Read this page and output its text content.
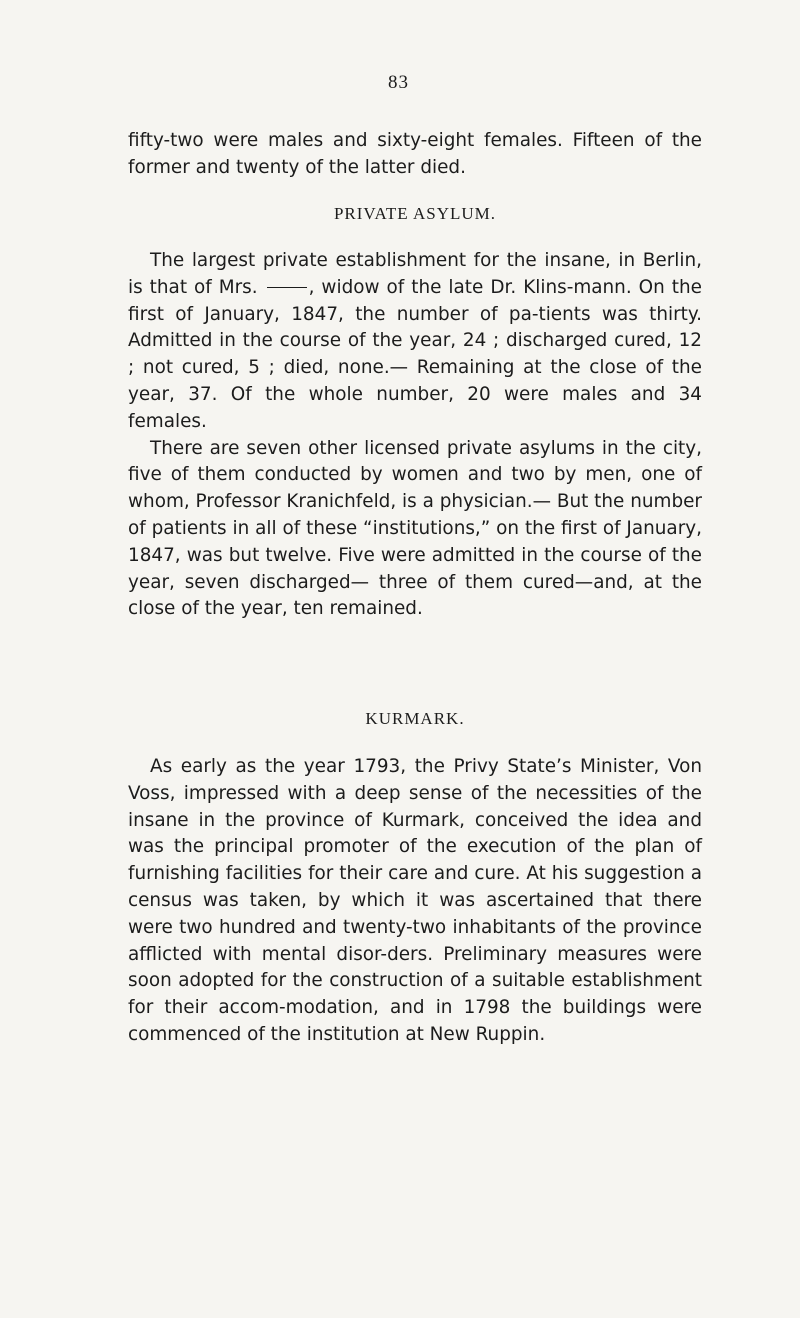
83

fifty-two were males and sixty-eight females. Fifteen of the former and twenty of the latter died.

PRIVATE ASYLUM.

The largest private establishment for the insane, in Berlin, is that of Mrs.	, widow of the late Dr. Klins-mann. On the first of January, 1847, the number of pa-tients was thirty. Admitted in the course of the year, 24 ; discharged cured, 12 ; not cured, 5 ; died, none.— Remaining at the close of the year, 37. Of the whole number, 20 were males and 34 females.

There are seven other licensed private asylums in the city, five of them conducted by women and two by men, one of whom, Professor Kranichfeld, is a physician.— But the number of patients in all of these “institutions,” on the first of January, 1847, was but twelve. Five were admitted in the course of the year, seven discharged— three of them cured—and, at the close of the year, ten remained.

KURMARK.

As early as the year 1793, the Privy State’s Minister, Von Voss, impressed with a deep sense of the necessities of the insane in the province of Kurmark, conceived the idea and was the principal promoter of the execution of the plan of furnishing facilities for their care and cure. At his suggestion a census was taken, by which it was ascertained that there were two hundred and twenty-two inhabitants of the province afflicted with mental disor-ders. Preliminary measures were soon adopted for the construction of a suitable establishment for their accom-modation, and in 1798 the buildings were commenced of the institution at New Ruppin.
